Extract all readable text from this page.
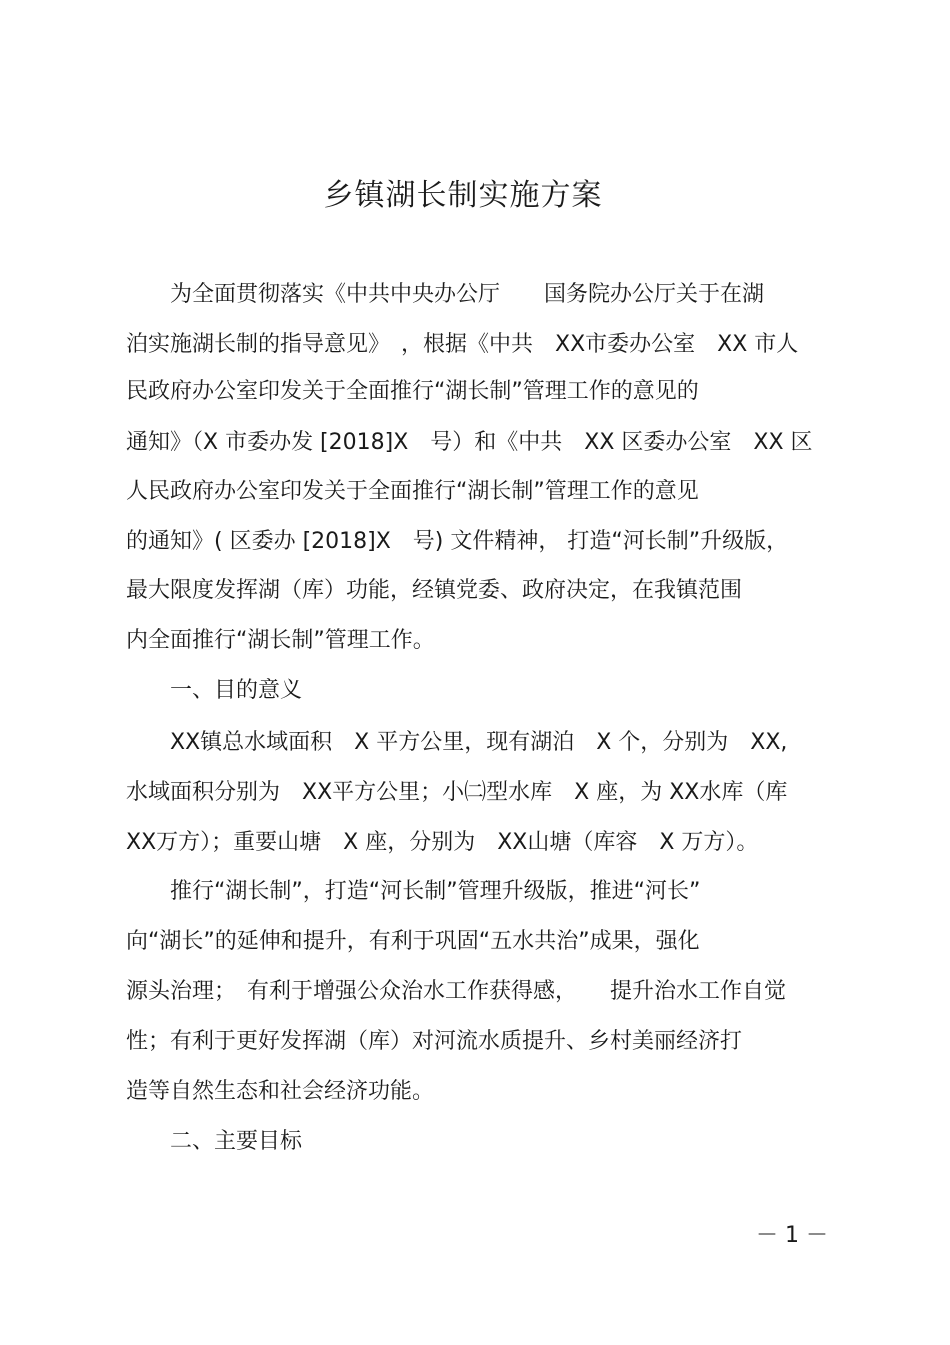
乡镇湖长制实施方案
　　为全面贯彻落实《中共中央办公厅　　国务院办公厅关于在湖
泊实施湖长制的指导意见》　，根据《中共　XX市委办公室　XX 市人
民政府办公室印发关于全面推行“湖长制”管理工作的意见的
通知》（X 市委办发 [2018]X　号）和《中共　XX 区委办公室　XX 区
人民政府办公室印发关于全面推行“湖长制”管理工作的意见
的通知》( 区委办 [2018]X　号) 文件精神， 打造“河长制”升级版，
最大限度发挥湖（库）功能，经镇党委、政府决定，在我镇范围
内全面推行“湖长制”管理工作。
　　一、目的意义
　　XX镇总水域面积　X 平方公里，现有湖泊　X 个，分别为　XX,
水域面积分别为　XX平方公里；小㈡型水库　X 座，为 XX水库（库
XX万方）；重要山塘　X 座，分别为　XX山塘（库容　X 万方）。
　　推行“湖长制”，打造“河长制”管理升级版，推进“河长”
向“湖长”的延伸和提升，有利于巩固“五水共治”成果，强化
源头治理；　有利于增强公众治水工作获得感，　　提升治水工作自觉
性；有利于更好发挥湖（库）对河流水质提升、乡村美丽经济打
造等自然生态和社会经济功能。
　　二、主要目标
－ 1 －
